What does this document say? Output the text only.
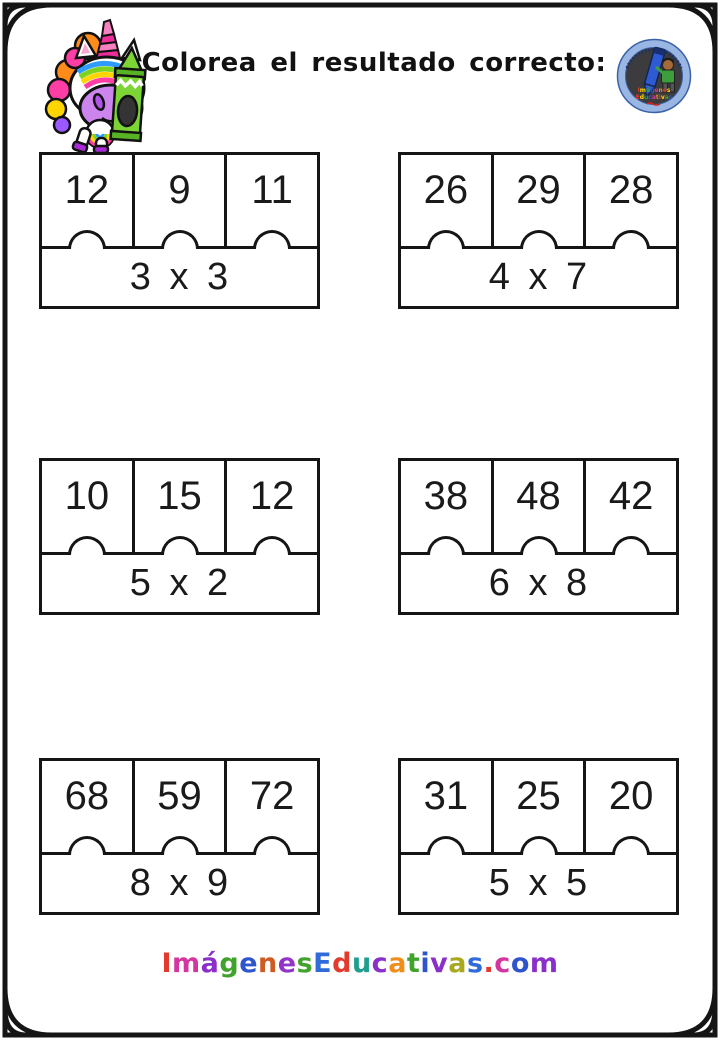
Colorea el resultado correcto:
Imágenes
Educativas
12 9 11
3 x 3
26 29 28
4 x 7
10 15 12
5 x 2
38 48 42
6 x 8
68 59 72
8 x 9
31 25 20
5 x 5
ImágenesEducativas.com
